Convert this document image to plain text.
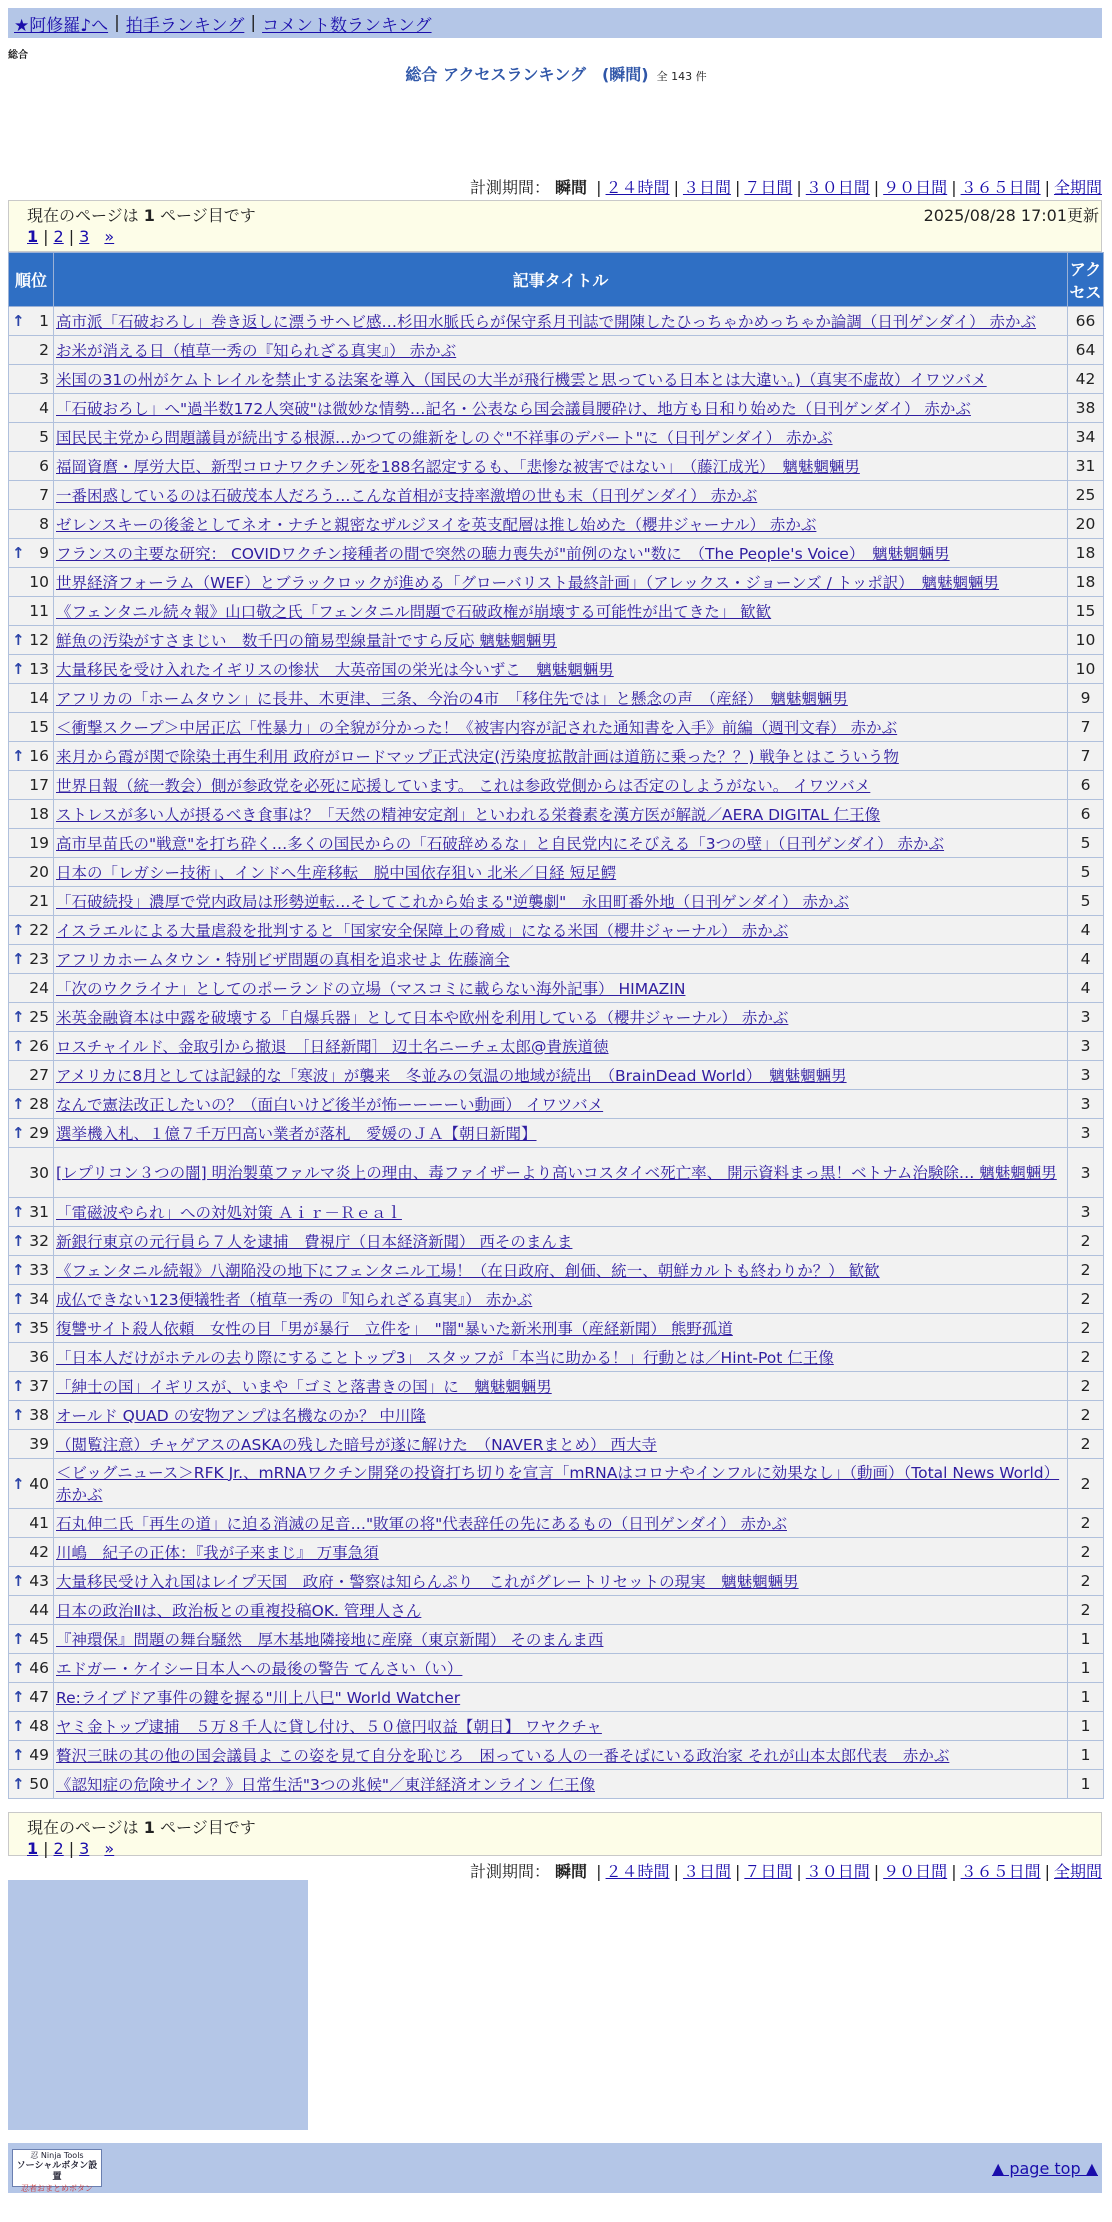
★阿修羅♪へ | 拍手ランキング | コメント数ランキング
総合
総合 アクセスランキング　(瞬間) 全 143 件
計測期間： 瞬間 | ２４時間 | ３日間 | ７日間 | ３０日間 | ９０日間 | ３６５日間 | 全期間
現在のページは 1 ページ目です	2025/08/28 17:01更新
1 | 2 | 3 »
順位	記事タイトル	アクセス

↑ 1	高市派「石破おろし」巻き返しに漂うサヘビ感…杉田水脈氏らが保守系月刊誌で開陳したひっちゃかめっちゃか論調（日刊ゲンダイ） 赤かぶ	66
2	お米が消える日（植草一秀の『知られざる真実』） 赤かぶ	64
3	米国の31の州がケムトレイルを禁止する法案を導入（国民の大半が飛行機雲と思っている日本とは大違い。)（真実不虚故）イワツバメ	42
4	「石破おろし」へ"過半数172人突破"は微妙な情勢…記名・公表なら国会議員腰砕け、地方も日和り始めた（日刊ゲンダイ） 赤かぶ	38
5	国民民主党から問題議員が続出する根源…かつての維新をしのぐ"不祥事のデパート"に（日刊ゲンダイ） 赤かぶ	34
6	福岡資麿・厚労大臣、新型コロナワクチン死を188名認定するも、「悲惨な被害ではない」　（藤江成光）　魑魅魍魎男	31
7	一番困惑しているのは石破茂本人だろう…こんな首相が支持率激増の世も末（日刊ゲンダイ） 赤かぶ	25
8	ゼレンスキーの後釜としてネオ・ナチと親密なザルジヌイを英支配層は推し始めた（櫻井ジャーナル） 赤かぶ	20

↑ 9	フランスの主要な研究： COVIDワクチン接種者の間で突然の聴力喪失が"前例のない"数に　（The People's Voice）　魑魅魍魎男	18
10	世界経済フォーラム（WEF）とブラックロックが進める「グローバリスト最終計画」（アレックス・ジョーンズ / トッポ訳）　魑魅魍魎男	18
11	《フェンタニル続々報》山口敬之氏「フェンタニル問題で石破政権が崩壊する可能性が出てきた」 歓歓	15

↑ 12	鮮魚の汚染がすさまじい　数千円の簡易型線量計ですら反応 魑魅魍魎男	10

↑ 13	大量移民を受け入れたイギリスの惨状　大英帝国の栄光は今いずこ　魑魅魍魎男	10
14	アフリカの「ホームタウン」に長井、木更津、三条、今治の4市　「移住先では」と懸念の声　（産経）　魑魅魍魎男	9
15	＜衝撃スクープ＞中居正広「性暴力」の全貌が分かった！《被害内容が記された通知書を入手》前編（週刊文春） 赤かぶ	7

↑ 16	来月から霞が関で除染土再生利用 政府がロードマップ正式決定(汚染度拡散計画は道筋に乗った？？) 戦争とはこういう物	7
17	世界日報（統一教会）側が参政党を必死に応援しています。 これは参政党側からは否定のしようがない。 イワツバメ	6
18	ストレスが多い人が摂るべき食事は？「天然の精神安定剤」といわれる栄養素を漢方医が解説／AERA DIGITAL 仁王像	6
19	高市早苗氏の"戦意"を打ち砕く…多くの国民からの「石破辞めるな」と自民党内にそびえる「3つの壁」（日刊ゲンダイ） 赤かぶ	5
20	日本の「レガシー技術」、インドへ生産移転　脱中国依存狙い 北米／日経 短足鰐	5
21	「石破続投」濃厚で党内政局は形勢逆転…そしてこれから始まる"逆襲劇"　永田町番外地（日刊ゲンダイ） 赤かぶ	5

↑ 22	イスラエルによる大量虐殺を批判すると「国家安全保障上の脅威」になる米国（櫻井ジャーナル） 赤かぶ	4

↑ 23	アフリカホームタウン・特別ビザ問題の真相を追求せよ 佐藤滴全	4
24	「次のウクライナ」としてのポーランドの立場（マスコミに載らない海外記事） HIMAZIN	4

↑ 25	米英金融資本は中露を破壊する「自爆兵器」として日本や欧州を利用している（櫻井ジャーナル） 赤かぶ	3

↑ 26	ロスチャイルド、金取引から撤退　［日経新聞］ 辺土名ニーチェ太郎@貴族道徳	3
27	アメリカに8月としては記録的な「寒波」が襲来　冬並みの気温の地域が続出　（BrainDead World）　魑魅魍魎男	3

↑ 28	なんで憲法改正したいの？（面白いけど後半が怖ーーーーい動画） イワツバメ	3

↑ 29	選挙機入札、１億７千万円高い業者が落札　愛媛のＪＡ【朝日新聞】	3
30	[レプリコン３つの闇] 明治製菓ファルマ炎上の理由、毒ファイザーより高いコスタイベ死亡率、 開示資料まっ黒！ベトナム治験除… 魑魅魍魎男	3

↑ 31	「電磁波やられ」への対処対策 Ａｉｒ－Ｒｅａｌ	3

↑ 32	新銀行東京の元行員ら７人を逮捕　費視庁（日本経済新聞） 西そのまんま	2

↑ 33	《フェンタニル続報》八潮陥没の地下にフェンタニル工場！（在日政府、創価、統一、朝鮮カルトも終わりか？） 歓歓	2

↑ 34	成仏できない123便犠牲者（植草一秀の『知られざる真実』） 赤かぶ	2

↑ 35	復讐サイト殺人依頼　女性の目「男が暴行　立件を」　"闇"暴いた新米刑事（産経新聞） 熊野孤道	2
36	「日本人だけがホテルの去り際にすることトップ3」 スタッフが「本当に助かる！」行動とは／Hint-Pot 仁王像	2

↑ 37	「紳士の国」イギリスが、いまや「ゴミと落書きの国」に　魑魅魍魎男	2

↑ 38	オールド QUAD の安物アンプは名機なのか？ 中川隆	2
39	（閲覧注意）チャゲアスのASKAの残した暗号が遂に解けた　（NAVERまとめ） 西大寺	2

↑ 40	＜ビッグニュース＞RFK Jr.、mRNAワクチン開発の投資打ち切りを宣言「mRNAはコロナやインフルに効果なし」（動画）（Total News World） 赤かぶ	2
41	石丸伸二氏「再生の道」に迫る消滅の足音…"敗軍の将"代表辞任の先にあるもの（日刊ゲンダイ） 赤かぶ	2
42	川嶋　紀子の正体：『我が子来まじ』 万事急須	2

↑ 43	大量移民受け入れ国はレイプ天国　政府・警察は知らんぷり　これがグレートリセットの現実　魑魅魍魎男	2
44	日本の政治Ⅱは、政治板との重複投稿OK. 管理人さん	2

↑ 45	『神環保』問題の舞台騒然　厚木基地隣接地に産廃（東京新聞） そのまんま西	1

↑ 46	エドガー・ケイシー日本人への最後の警告 てんさい（い）	1

↑ 47	Re:ライブドア事件の鍵を握る"川上八巳" World Watcher	1

↑ 48	ヤミ金トップ逮捕　５万８千人に貸し付け、５０億円収益【朝日】 ワヤクチャ	1

↑ 49	贅沢三昧の其の他の国会議員よ この姿を見て自分を恥じろ　困っている人の一番そばにいる政治家 それが山本太郎代表　赤かぶ	1

↑ 50	《認知症の危険サイン？》日常生活"3つの兆候"／東洋経済オンライン 仁王像	1
現在のページは 1 ページ目です
1 | 2 | 3 »
計測期間： 瞬間 | ２４時間 | ３日間 | ７日間 | ３０日間 | ９０日間 | ３６５日間 | 全期間
忍 Ninja Tools
ソーシャルボタン設置
忍者おまとめボタン
▲ page top ▲
